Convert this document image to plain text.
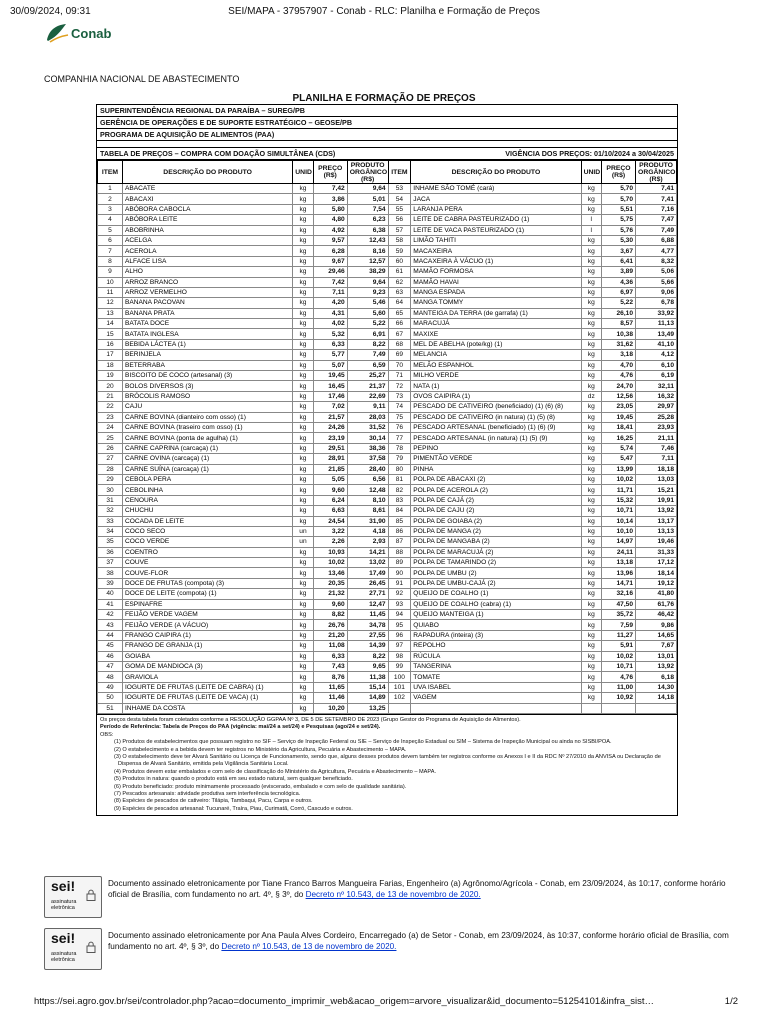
30/09/2024, 09:31	SEI/MAPA - 37957907 - Conab - RLC: Planilha e Formação de Preços
Conab
COMPANHIA NACIONAL DE ABASTECIMENTO
PLANILHA E FORMAÇÃO DE PREÇOS
SUPERINTENDÊNCIA REGIONAL DA PARAÍBA – SUREG/PB
GERÊNCIA DE OPERAÇÕES E DE SUPORTE ESTRATÉGICO – GEOSE/PB
PROGRAMA DE AQUISIÇÃO DE ALIMENTOS (PAA)
TABELA DE PREÇOS – COMPRA COM DOAÇÃO SIMULTÂNEA (CDS)	VIGÊNCIA DOS PREÇOS: 01/10/2024 a 30/04/2025
ITEM	DESCRIÇÃO DO PRODUTO	UNID	PREÇO (R$)	PRODUTO ORGÂNICO (R$)	ITEM	DESCRIÇÃO DO PRODUTO	UNID	PREÇO (R$)	PRODUTO ORGÂNICO (R$)
1	ABACATE	kg	7,42	9,64	53	INHAME SÃO TOMÉ (cará)	kg	5,70	7,41
2	ABACAXI	kg	3,86	5,01	54	JACA	kg	5,70	7,41
3	ABÓBORA CABOCLA	kg	5,80	7,54	55	LARANJA PERA	kg	5,51	7,16
4	ABÓBORA LEITE	kg	4,80	6,23	56	LEITE DE CABRA PASTEURIZADO (1)	l	5,75	7,47
5	ABOBRINHA	kg	4,92	6,38	57	LEITE DE VACA PASTEURIZADO (1)	l	5,76	7,49
6	ACELGA	kg	9,57	12,43	58	LIMÃO TAHITI	kg	5,30	6,88
7	ACEROLA	kg	6,28	8,16	59	MACAXEIRA	kg	3,67	4,77
8	ALFACE LISA	kg	9,67	12,57	60	MACAXEIRA À VÁCUO (1)	kg	6,41	8,32
9	ALHO	kg	29,46	38,29	61	MAMÃO FORMOSA	kg	3,89	5,06
10	ARROZ BRANCO	kg	7,42	9,64	62	MAMÃO HAVAI	kg	4,36	5,66
11	ARROZ VERMELHO	kg	7,11	9,23	63	MANGA ESPADA	kg	6,97	9,06
12	BANANA PACOVAN	kg	4,20	5,46	64	MANGA TOMMY	kg	5,22	6,78
13	BANANA PRATA	kg	4,31	5,60	65	MANTEIGA DA TERRA (de garrafa) (1)	kg	26,10	33,92
14	BATATA DOCE	kg	4,02	5,22	66	MARACUJÁ	kg	8,57	11,13
15	BATATA INGLESA	kg	5,32	6,91	67	MAXIXE	kg	10,38	13,49
16	BEBIDA LÁCTEA (1)	kg	6,33	8,22	68	MEL DE ABELHA (pote/kg) (1)	kg	31,62	41,10
17	BERINJELA	kg	5,77	7,49	69	MELANCIA	kg	3,18	4,12
18	BETERRABA	kg	5,07	6,59	70	MELÃO ESPANHOL	kg	4,70	6,10
19	BISCOITO DE COCO (artesanal) (3)	kg	19,45	25,27	71	MILHO VERDE	kg	4,76	6,19
20	BOLOS DIVERSOS (3)	kg	16,45	21,37	72	NATA (1)	kg	24,70	32,11
21	BRÓCOLIS RAMOSO	kg	17,46	22,69	73	OVOS CAIPIRA (1)	dz	12,56	16,32
22	CAJU	kg	7,02	9,11	74	PESCADO DE CATIVEIRO (beneficiado) (1) (6) (8)	kg	23,05	29,97
23	CARNE BOVINA (dianteiro com osso) (1)	kg	21,57	28,03	75	PESCADO DE CATIVEIRO (in natura) (1) (5) (8)	kg	19,45	25,28
24	CARNE BOVINA (traseiro com osso) (1)	kg	24,26	31,52	76	PESCADO ARTESANAL (beneficiado) (1) (6) (9)	kg	18,41	23,93
25	CARNE BOVINA (ponta de agulha) (1)	kg	23,19	30,14	77	PESCADO ARTESANAL (in natura) (1) (5) (9)	kg	16,25	21,11
26	CARNE CAPRINA (carcaça) (1)	kg	29,51	38,36	78	PEPINO	kg	5,74	7,46
27	CARNE OVINA (carcaça) (1)	kg	28,91	37,58	79	PIMENTÃO VERDE	kg	5,47	7,11
28	CARNE SUÍNA (carcaça) (1)	kg	21,85	28,40	80	PINHA	kg	13,99	18,18
29	CEBOLA PERA	kg	5,05	6,56	81	POLPA DE ABACAXI (2)	kg	10,02	13,03
30	CEBOLINHA	kg	9,60	12,48	82	POLPA DE ACEROLA (2)	kg	11,71	15,21
31	CENOURA	kg	6,24	8,10	83	POLPA DE CAJÁ (2)	kg	15,32	19,91
32	CHUCHU	kg	6,63	8,61	84	POLPA DE CAJU (2)	kg	10,71	13,92
33	COCADA DE LEITE	kg	24,54	31,90	85	POLPA DE GOIABA (2)	kg	10,14	13,17
34	COCO SECO	un	3,22	4,18	86	POLPA DE MANGA (2)	kg	10,10	13,13
35	COCO VERDE	un	2,26	2,93	87	POLPA DE MANGABA (2)	kg	14,97	19,46
36	COENTRO	kg	10,93	14,21	88	POLPA DE MARACUJÁ (2)	kg	24,11	31,33
37	COUVE	kg	10,02	13,02	89	POLPA DE TAMARINDO (2)	kg	13,18	17,12
38	COUVE-FLOR	kg	13,46	17,49	90	POLPA DE UMBU (2)	kg	13,96	18,14
39	DOCE DE FRUTAS (compota) (3)	kg	20,35	26,45	91	POLPA DE UMBU-CAJÁ (2)	kg	14,71	19,12
40	DOCE DE LEITE (compota) (1)	kg	21,32	27,71	92	QUEIJO DE COALHO (1)	kg	32,16	41,80
41	ESPINAFRE	kg	9,60	12,47	93	QUEIJO DE COALHO (cabra) (1)	kg	47,50	61,76
42	FEIJÃO VERDE VAGEM	kg	8,82	11,45	94	QUEIJO MANTEIGA (1)	kg	35,72	46,42
43	FEIJÃO VERDE (A VÁCUO)	kg	26,76	34,78	95	QUIABO	kg	7,59	9,86
44	FRANGO CAIPIRA (1)	kg	21,20	27,55	96	RAPADURA (inteira) (3)	kg	11,27	14,65
45	FRANGO DE GRANJA (1)	kg	11,08	14,39	97	REPOLHO	kg	5,91	7,67
46	GOIABA	kg	6,33	8,22	98	RÚCULA	kg	10,02	13,01
47	GOMA DE MANDIOCA (3)	kg	7,43	9,65	99	TANGERINA	kg	10,71	13,92
48	GRAVIOLA	kg	8,76	11,38	100	TOMATE	kg	4,76	6,18
49	IOGURTE DE FRUTAS (LEITE DE CABRA) (1)	kg	11,65	15,14	101	UVA ISABEL	kg	11,00	14,30
50	IOGURTE DE FRUTAS (LEITE DE VACA) (1)	kg	11,46	14,89	102	VAGEM	kg	10,92	14,18
51	INHAME DA COSTA	kg	10,20	13,25					
Os preços desta tabela foram coletados conforme a RESOLUÇÃO GGPAA Nº 3, DE 5 DE SETEMBRO DE 2023 (Grupo Gestor do Programa de Aquisição de Alimentos).
Período de Referência: Tabela de Preços do PAA (vigência: mai/24 a set/24) e Pesquisas (ago/24 e set/24).
OBS:
(1) Produtos de estabelecimentos que possuam registro no SIF – Serviço de Inspeção Federal ou SIE – Serviço de Inspeção Estadual ou SIM – Sistema de Inspeção Municipal ou ainda no SISBI/POA.
(2) O estabelecimento e a bebida devem ter registros no Ministério da Agricultura, Pecuária e Abastecimento – MAPA.
(3) O estabelecimento deve ter Alvará Sanitário ou Licença de Funcionamento, sendo que, alguns desses produtos devem também ter registros conforme os Anexos I e II da RDC Nº 27/2010 da ANVISA ou Declaração de Dispensa de Alvará Sanitário, emitida pela Vigilância Sanitária Local.
(4) Produtos devem estar embalados e com selo de classificação do Ministério da Agricultura, Pecuária e Abastecimento – MAPA.
(5) Produtos in natura: quando o produto está em seu estado natural, sem qualquer beneficiado.
(6) Produto beneficiado: produto minimamente processado (eviscerado, embalado e com selo de qualidade sanitária).
(7) Pescados artesanais: atividade produtiva sem interferência tecnológica.
(8) Espécies de pescados de cativeiro: Tilápia, Tambaqui, Pacu, Carpa e outros.
(9) Espécies de pescados artesanal: Tucunaré, Traíra, Piau, Curimatã, Corró, Cascudo e outros.
sei!
assinatura eletrônica
Documento assinado eletronicamente por Tiane Franco Barros Mangueira Farias, Engenheiro (a) Agrônomo/Agrícola - Conab, em 23/09/2024, às 10:17, conforme horário oficial de Brasília, com fundamento no art. 4º, § 3º, do Decreto nº 10.543, de 13 de novembro de 2020.
sei!
assinatura eletrônica
Documento assinado eletronicamente por Ana Paula Alves Cordeiro, Encarregado (a) de Setor - Conab, em 23/09/2024, às 10:37, conforme horário oficial de Brasília, com fundamento no art. 4º, § 3º, do Decreto nº 10.543, de 13 de novembro de 2020.
https://sei.agro.gov.br/sei/controlador.php?acao=documento_imprimir_web&acao_origem=arvore_visualizar&id_documento=51254101&infra_sist…	1/2
